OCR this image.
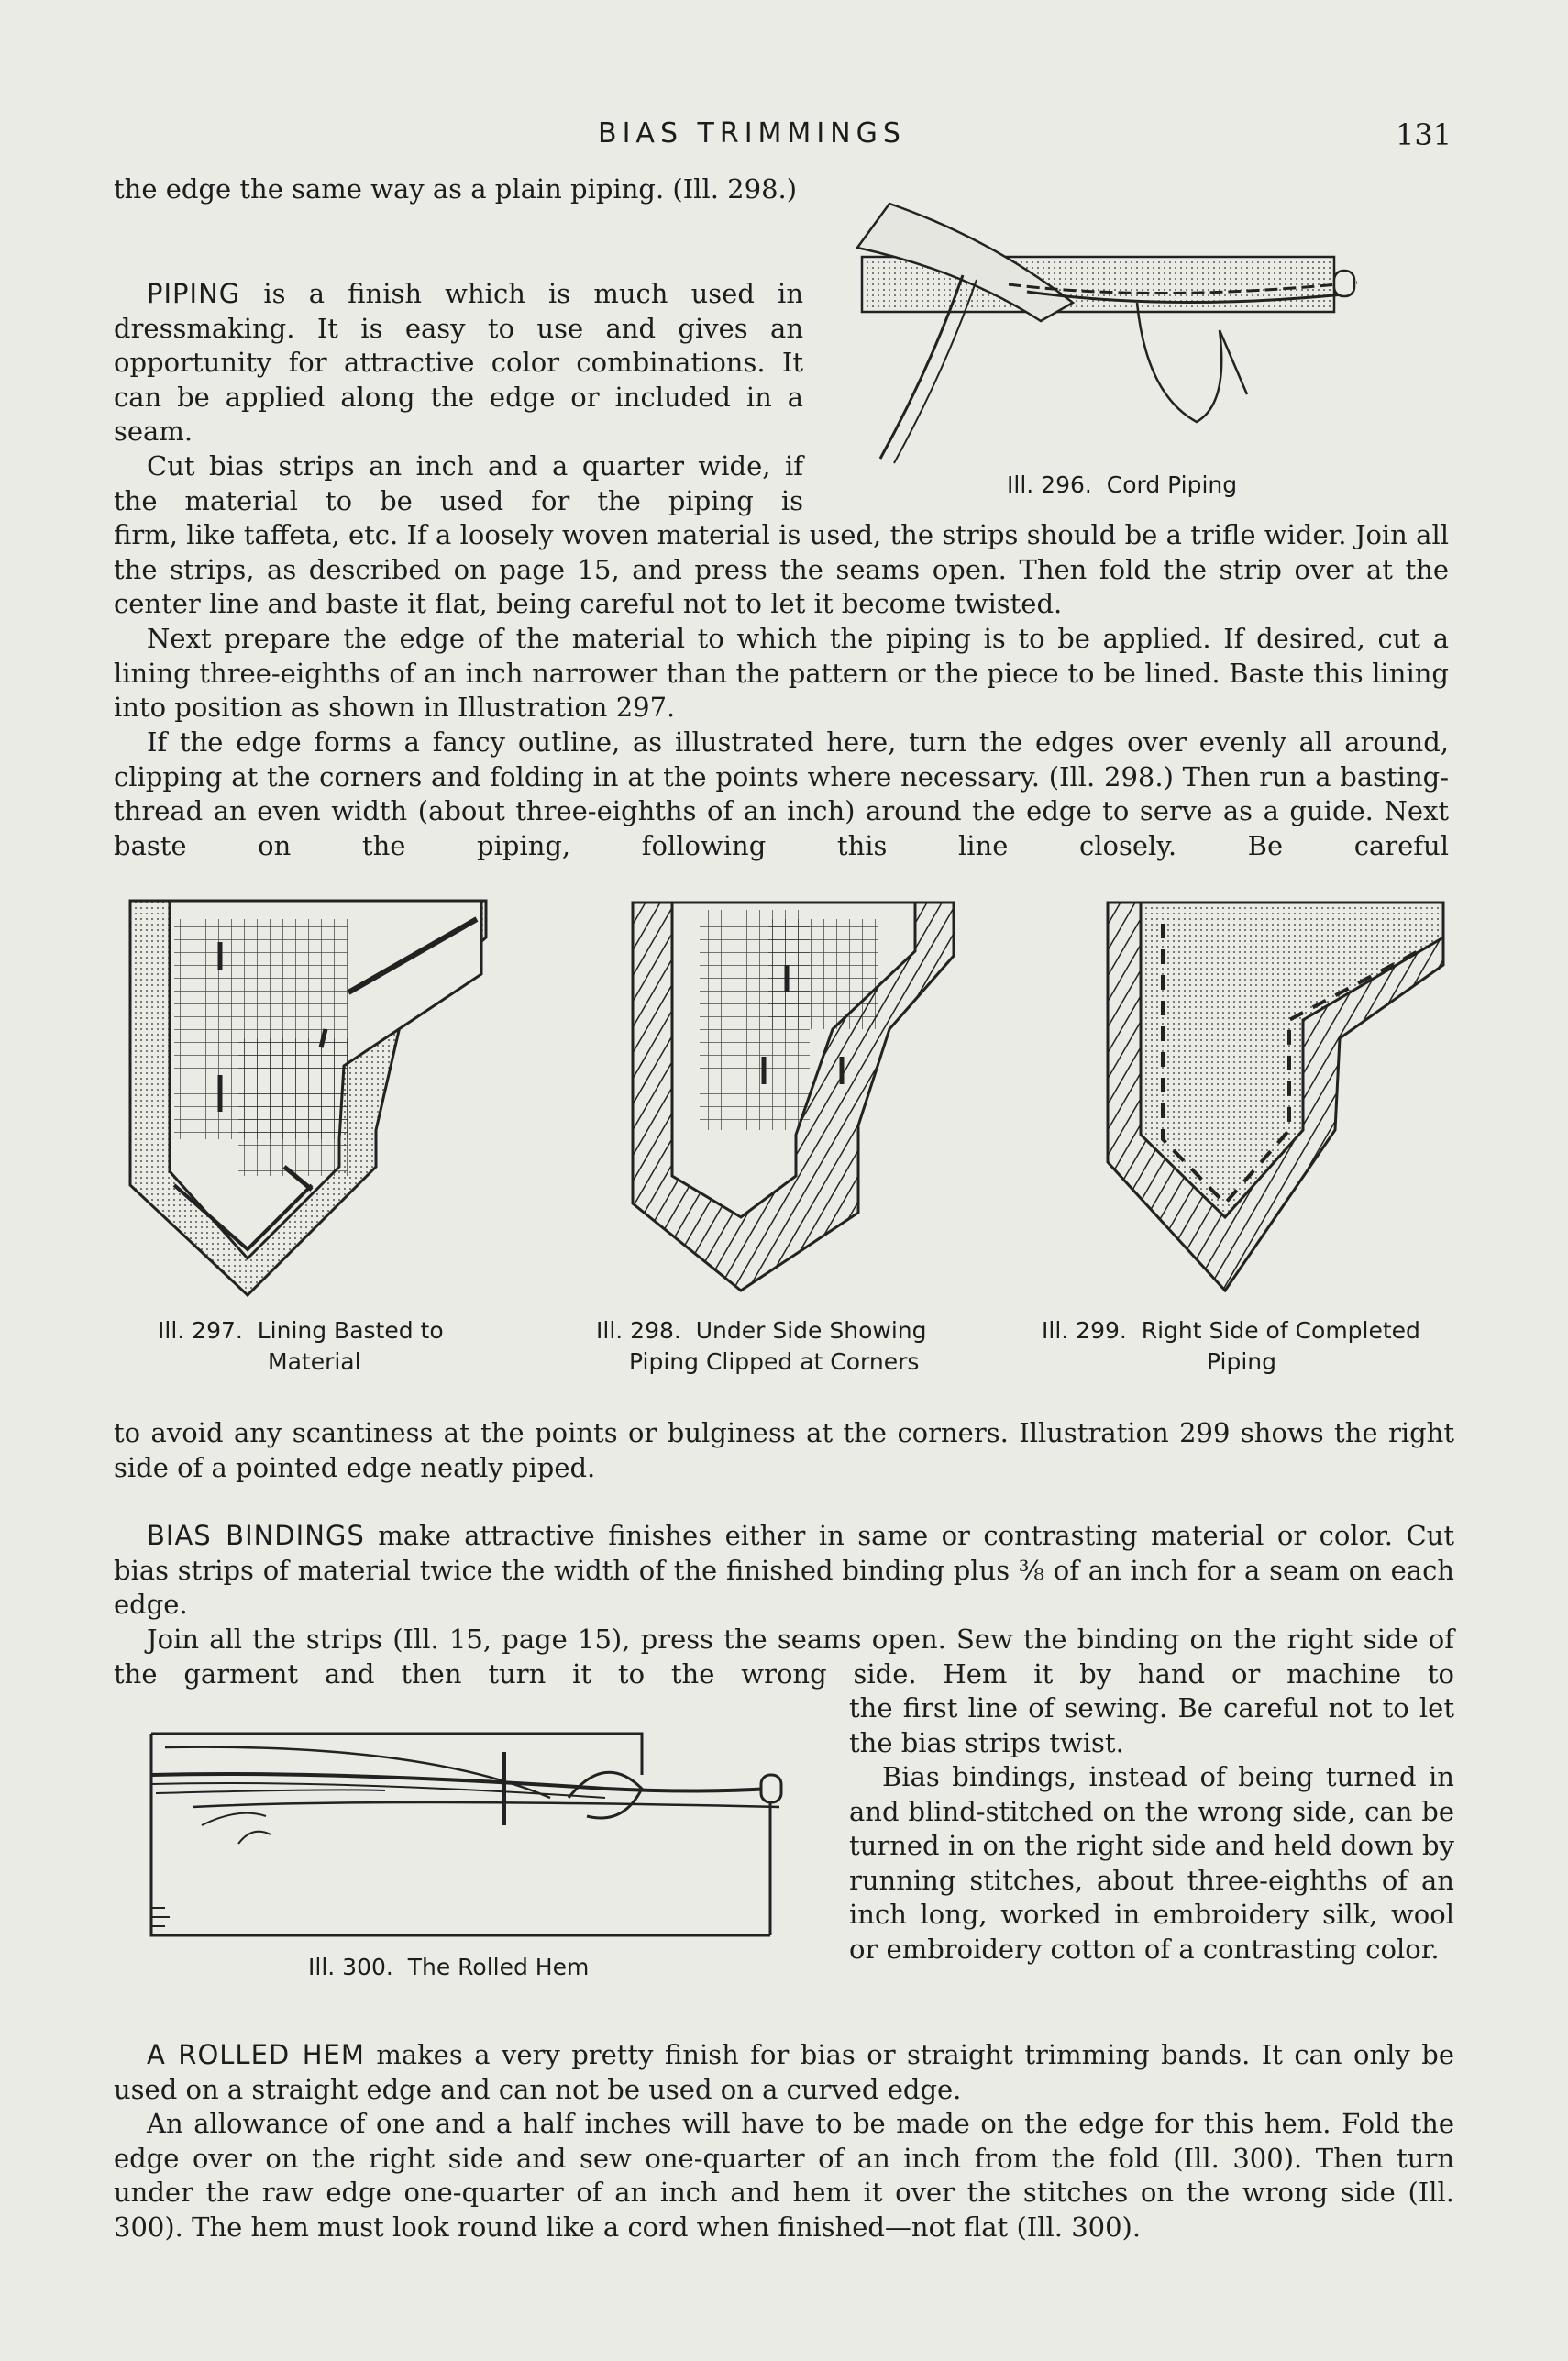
BIAS TRIMMINGS	131
the edge the same way as a plain piping. (Ill. 298.)
PIPING is a finish which is much used in dressmaking. It is easy to use and gives an opportunity for attractive color combinations. It can be applied along the edge or included in a seam.
Cut bias strips an inch and a quarter wide, if the material to be used for the piping is
firm, like taffeta, etc. If a loosely woven material is used, the strips should be a trifle wider. Join all the strips, as described on page 15, and press the seams open. Then fold the strip over at the center line and baste it flat, being careful not to let it become twisted.
Next prepare the edge of the material to which the piping is to be applied. If desired, cut a lining three-eighths of an inch narrower than the pattern or the piece to be lined. Baste this lining into position as shown in Illustration 297.
If the edge forms a fancy outline, as illustrated here, turn the edges over evenly all around, clipping at the corners and folding in at the points where necessary. (Ill. 298.) Then run a basting-thread an even width (about three-eighths of an inch) around the edge to serve as a guide. Next baste on the piping, following this line closely. Be careful
Ill. 296. Cord Piping
Ill. 297. Lining Basted to
Material
Ill. 298. Under Side Showing
Piping Clipped at Corners
Ill. 299. Right Side of Completed
Piping
to avoid any scantiness at the points or bulginess at the corners. Illustration 299 shows the right side of a pointed edge neatly piped.
BIAS BINDINGS make attractive finishes either in same or contrasting material or color. Cut bias strips of material twice the width of the finished binding plus ⅜ of an inch for a seam on each edge.
Join all the strips (Ill. 15, page 15), press the seams open. Sew the binding on the right side of the garment and then turn it to the wrong side. Hem it by hand or machine to
the first line of sewing. Be careful not to let the bias strips twist.
Bias bindings, instead of being turned in and blind-stitched on the wrong side, can be turned in on the right side and held down by running stitches, about three-eighths of an inch long, worked in embroidery silk, wool or embroidery cotton of a contrasting color.
Ill. 300. The Rolled Hem
A ROLLED HEM makes a very pretty finish for bias or straight trimming bands. It can only be used on a straight edge and can not be used on a curved edge.
An allowance of one and a half inches will have to be made on the edge for this hem. Fold the edge over on the right side and sew one-quarter of an inch from the fold (Ill. 300). Then turn under the raw edge one-quarter of an inch and hem it over the stitches on the wrong side (Ill. 300). The hem must look round like a cord when finished—not flat (Ill. 300).
